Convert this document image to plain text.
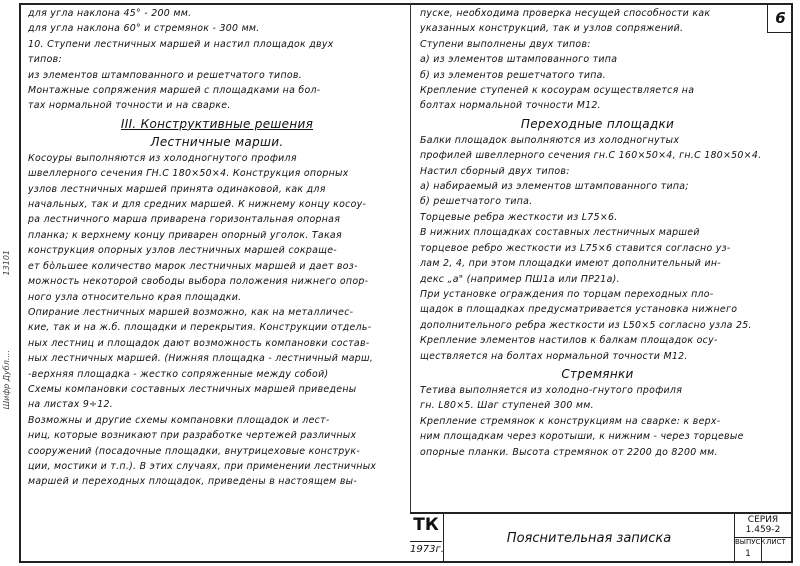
6

для угла наклона 45° - 200 мм.

для угла наклона 60° и стремянок - 300 мм.

10. Ступени лестничных маршей и настил площадок двух

типов:

из элементов штампованного и решетчатого типов.

Монтажные сопряжения маршей с площадками на бол-

тах нормальной точности и на сварке.

III. Конструктивные решения

Лестничные марши.

Косоуры выполняются из холодногнутого профиля

швеллерного сечения ГН.С 180×50×4. Конструкция опорных

узлов лестничных маршей принята одинаковой, как для

начальных, так и для средних маршей. К нижнему концу косоу-

ра лестничного марша приварена горизонтальная опорная

планка; к верхнему концу приварен опорный уголок. Такая

конструкция опорных узлов лестничных маршей сокраще-

ет бо̀льшее количество марок лестничных маршей и дает воз-

можность некоторой свободы выбора положения нижнего опор-

ного узла относительно края площадки.

Опирание лестничных маршей возможно, как на металличес-

кие, так и на ж.б. площадки и перекрытия. Конструкции отдель-

ных лестниц и площадок дают возможность компановки состав-

ных лестничных маршей. (Нижняя площадка - лестничный марш,

-верхняя площадка - жестко сопряженные между собой)

Схемы компановки составных лестничных маршей приведены

на листах 9÷12.

Возможны и другие схемы компановки площадок и лест-

ниц, которые возникают при разработке чертежей различных

сооружений (посадочные площадки, внутрицеховые конструк-

ции, мостики и т.п.). В этих случаях, при применении лестничных

маршей и переходных площадок, приведены в настоящем вы-

пуске, необходима проверка несущей способности как

указанных конструкций, так и узлов сопряжений.

Ступени выполнены двух типов:

а) из элементов штампованного типа

б) из элементов решетчатого типа.

Крепление ступеней к косоурам осуществляется на

болтах нормальной точности М12.

Переходные площадки

Балки площадок выполняются из холодногнутых

профилей швеллерного сечения гн.С 160×50×4, гн.С 180×50×4.

Настил сборный двух типов:

а) набираемый из элементов штампованного типа;

б) решетчатого типа.

Торцевые ребра жесткости из L75×6.

В нижних площадках составных лестничных маршей

торцевое ребро жесткости из L75×6 ставится согласно уз-

лам 2, 4, при этом площадки имеют дополнительный ин-

декс „а" (например ПШ1а или ПР21а).

При установке ограждения по торцам переходных пло-

щадок в площадках предусматривается установка нижнего

дополнительного ребра жесткости из L50×5 согласно узла 25.

Крепление элементов настилов к балкам площадок осу-

ществляется на болтах нормальной точности М12.

Стремянки

Тетива выполняется из холодно-гнутого профиля

гн. L80×5. Шаг ступеней 300 мм.

Крепление стремянок к конструкциям на сварке: к верх-

ним площадкам через коротыши, к нижним - через торцевые

опорные планки. Высота стремянок от 2200 до 8200 мм.

13101
Шифр Дубл....
ТК
1973г.
Пояснительная записка
СЕРИЯ
1.459-2
ВЫПУСК ЛИСТ
1
